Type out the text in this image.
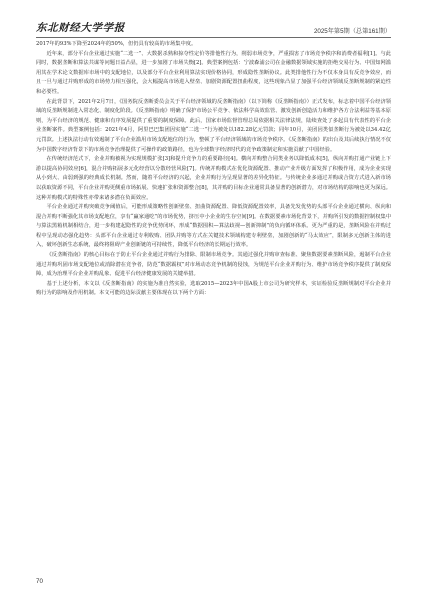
东北财经大学学报	2025年第5期（总第161期）

2017年的93%下降至2024年的50%，但仍具有较高的市场集中度。

近年来，部分平台企业通过实施“二选一”、大数据杀熟和掠夺性定价等排他性行为，削弱市场竞争，严重损害了市场竞争秩序和消费者福利[1]。与此同时，数据垄断和算法共谋等问题日益凸显，进一步加剧了市场失衡[2]。典型案例包括：宁波森浦公司在金融数据领域实施的拒绝交易行为、中国知网滥用其在学术论文数据库市场中的支配地位，以及部分平台企业利用算法实现价格协同，形成隐性垄断协议。此类排他性行为不仅本身具有反竞争效应，而且一旦与通过并购形成的市场势力相互强化，会大幅提高市场进入壁垒、加剧资源配置扭曲程度，这些现象凸显了加强平台经济领域反垄断规制的紧迫性和必要性。

在此背景下，2021年2月7日，《国务院反垄断委员会关于平台经济领域的反垄断指南》（以下简称《反垄断指南》）正式发布，标志着中国平台经济领域的反垄断规制进入常态化、制度化阶段。《反垄断指南》明确了保护市场公平竞争、依法科学高效监管、激发创新创造活力和维护各方合法利益等基本原则，为平台经济的规范、健康和有序发展提供了重要的制度保障。此后，国家市场监督管理总局依据相关法律法规，陆续查处了多起具有代表性的平台企业垄断案件。典型案例包括：2021年4月，阿里巴巴集团因实施“二选一”行为被处以182.28亿元罚款；同年10月，美团因类似垄断行为被处以34.42亿元罚款。上述执法行动有效遏制了平台企业滥用市场支配地位的行为，整顿了平台经济领域的市场竞争秩序。《反垄断指南》的出台及其后续执行情况不仅为中国数字经济背景下的市场竞争治理提供了可操作的政策路径，也为全球数字经济时代的竞争政策制定和实施贡献了中国经验。

在传统经济范式下，企业并购被视为实现规模扩张[3]和提升竞争力的重要路径[4]。横向并购整合同类业务以降低成本[5]，纵向并购打通产业链上下游以提高协同效应[6]，混合并购拓展多元化经营以分散经营风险[7]。传统并购模式在优化资源配置、推动产业升级方面发挥了积极作用，成为企业实现从小到大、由弱到强的经典成长机制。然而，随着平台经济的兴起，企业并购行为呈现显著的差异化特征。与传统企业多通过并购或合资方式进入新市场以获取资源不同，平台企业并购更侧重市场拓展、快速扩张和资源整合[8]，其并购的目标企业通常具备显著的创新潜力，对市场结构的影响也更为深远。这种并购模式的特殊性亦带来诸多潜在负面效应。

平台企业通过并购突破竞争阈值后，可能形成策略性创新壁垒、扭曲资源配置、降低资源配置效率，具备先发优势的头部平台企业通过横向、纵向和混合并购不断强化其市场支配地位，享有“赢家通吃”的市场优势，挤压中小企业的生存空间[9]。在数据要素市场化背景下，并购所引发的数据控制权集中与算法黑箱机制相结合，进一步构建起隐性的竞争优势闭环，形成“数据囤积—算法歧视—创新抑制”的负向循环体系。更为严重的是，垄断风险在并购过程中呈现动态强化趋势：头部平台企业通过专利收购、团队并购等方式在关键技术领域构建专利壁垒，加剧创新的“马太效应”，限制多元创新主体的进入，破坏创新生态系统，最终将阻碍产业创新链的可持续性，降低平台经济的长期运行效率。

《反垄断指南》的核心目标在于防止平台企业通过并购行为排除、限制市场竞争。其通过强化并购审查标准、聚焦数据要素垄断风险，遏制平台企业通过并购巩固市场支配地位或消除潜在竞争者，防范“数据霸权”对市场动态竞争机制的侵蚀，为规范平台企业并购行为、维护市场竞争秩序提供了制度保障，成为治理平台企业并购乱象、促进平台经济健康发展的关键举措。

基于上述分析，本文以《反垄断指南》的实施为准自然实验，选取2015—2023年中国A股上市公司为研究样本，实证检验反垄断规制对平台企业并购行为的影响及作用机制。本文可能的边际贡献主要体现在以下两个方面：

70
